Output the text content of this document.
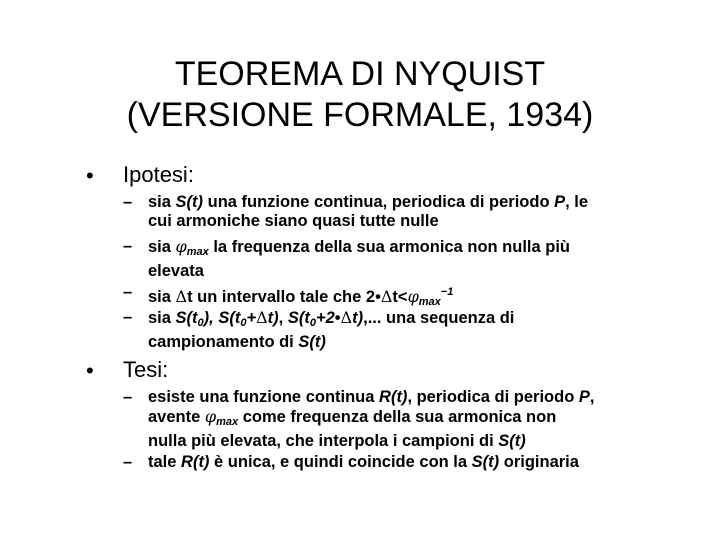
TEOREMA DI NYQUIST
(VERSIONE FORMALE, 1934)
• Ipotesi:
– sia S(t) una funzione continua, periodica di periodo P, le
cui armoniche siano quasi tutte nulle
– sia $\varphi_{max}$ la frequenza della sua armonica non nulla più
elevata
– sia Δt un intervallo tale che $2•\Delta t<\varphi_{max}^{-1}$
– sia $S(t_0)$, $S(t_0+\Delta t)$, $S(t_0+2•\Delta t)$,... una sequenza di
campionamento di S(t)
• Tesi:
– esiste una funzione continua R(t), periodica di periodo P,
avente $\varphi_{max}$ come frequenza della sua armonica non
nulla più elevata, che interpola i campioni di S(t)
– tale R(t) è unica, e quindi coincide con la S(t) originaria
